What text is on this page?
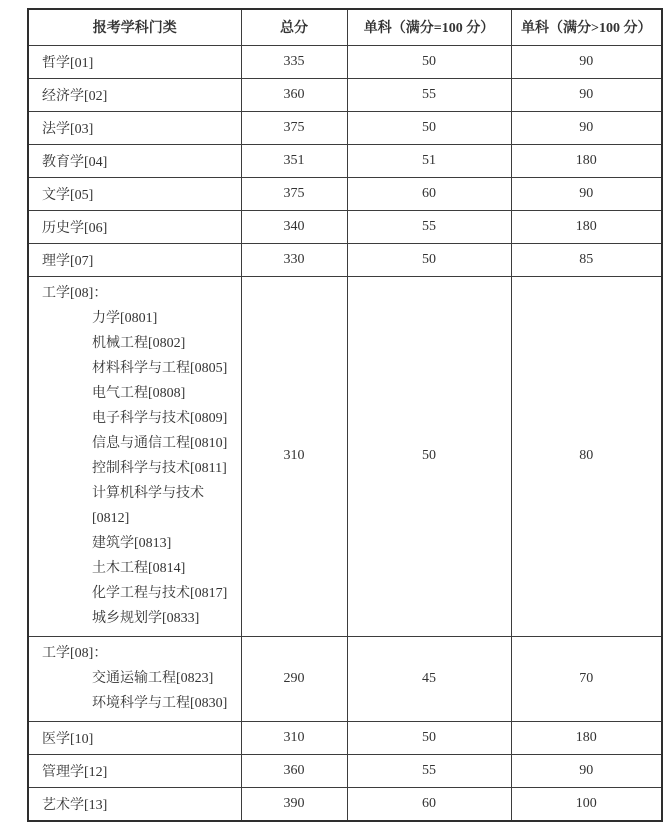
报考学科门类	总分	单科（满分=100 分）	单科（满分>100 分）
哲学[01]	335	50	90
经济学[02]	360	55	90
法学[03]	375	50	90
教育学[04]	351	51	180
文学[05]	375	60	90
历史学[06]	340	55	180
理学[07]	330	50	85

工学[08]：
力学[0801]
机械工程[0802]
材料科学与工程[0805]
电气工程[0808]
电子科学与技术[0809]
信息与通信工程[0810]
控制科学与技术[0811]
计算机科学与技术[0812]
建筑学[0813]
土木工程[0814]
化学工程与技术[0817]
城乡规划学[0833]
	310	50	80

工学[08]：
交通运输工程[0823]
环境科学与工程[0830]	290	45	70
医学[10]	310	50	180
管理学[12]	360	55	90
艺术学[13]	390	60	100
